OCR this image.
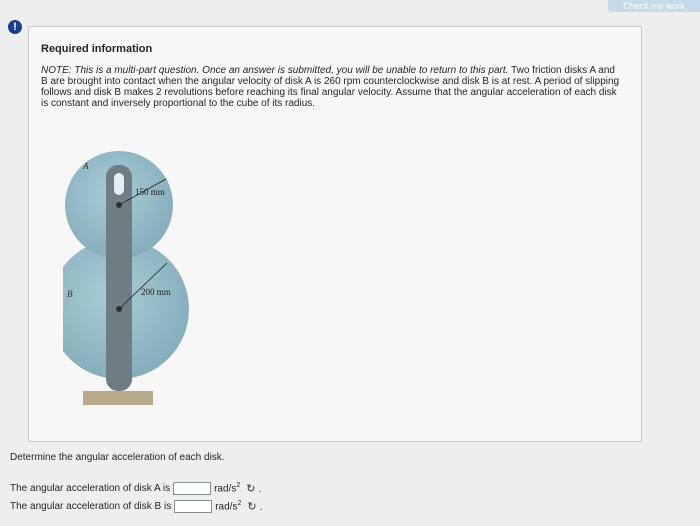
Check my work
!
Required information
NOTE: This is a multi-part question. Once an answer is submitted, you will be unable to return to this part. Two friction disks A and B are brought into contact when the angular velocity of disk A is 260 rpm counterclockwise and disk B is at rest. A period of slipping follows and disk B makes 2 revolutions before reaching its final angular velocity. Assume that the angular acceleration of each disk is constant and inversely proportional to the cube of its radius.
A
B
150 mm
200 mm
Determine the angular acceleration of each disk.
The angular acceleration of disk A is	rad/$s^2$ ↻ .
The angular acceleration of disk B is	rad/$s^2$ ↻ .
